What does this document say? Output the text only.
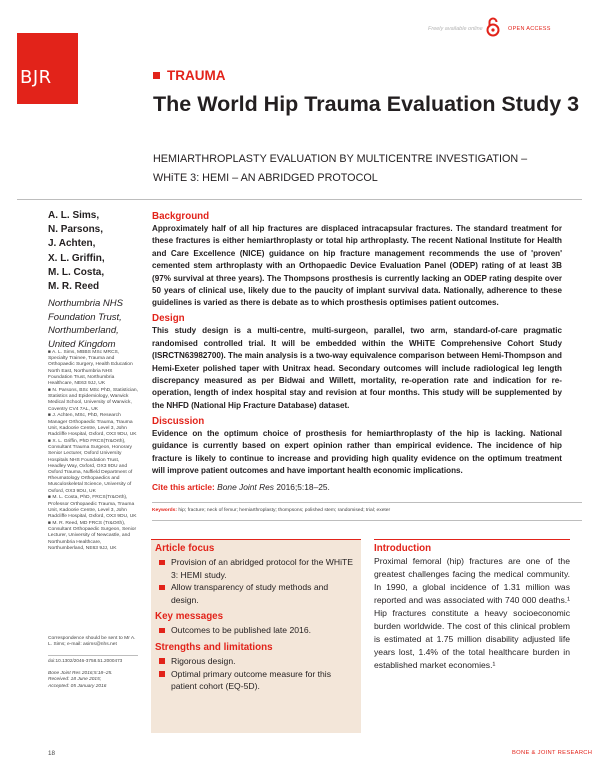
Freely available online	OPEN ACCESS
BJR	TRAUMA
The World Hip Trauma Evaluation Study 3
HEMIARTHROPLASTY EVALUATION BY MULTICENTRE INVESTIGATION – WHiTE 3: HEMI – AN ABRIDGED PROTOCOL
A. L. Sims,
N. Parsons,
J. Achten,
X. L. Griffin,
M. L. Costa,
M. R. Reed
Northumbria NHS Foundation Trust, Northumberland, United Kingdom

■ A. L. Sims, MBBS MSc MRCS, Specialty Trainee, Trauma and Orthopaedic Surgery, Health Education North East, Northumbria NHS Foundation Trust, Northumbria Healthcare, NE63 9JJ, UK

■ N. Parsons, BSc MSc PhD, Statistician, Statistics and Epidemiology, Warwick Medical School, University of Warwick, Coventry CV4 7AL, UK

■ J. Achten, MSc, PhD, Research Manager Orthopaedic Trauma, Trauma Unit, Kadoorie Centre, Level 3, John Radcliffe Hospital, Oxford, OX3 9DU, UK

■ X. L. Griffin, PhD FRCS(Tr&Orth), Consultant Trauma Surgeon, Honorary Senior Lecturer, Oxford University Hospitals NHS Foundation Trust, Headley Way, Oxford, OX3 9DU and Oxford Trauma, Nuffield Department of Rheumatology Orthopaedics and Musculoskeletal Science, University of Oxford, OX3 9DU, UK

■ M. L. Costa, PhD, FRCS(Tr&Orth), Professor Orthopaedic Trauma, Trauma Unit, Kadoorie Centre, Level 3, John Radcliffe Hospital, Oxford, OX3 9DU, UK

■ M. R. Reed, MD FRCS (Tr&Orth), Consultant Orthopaedic Surgeon, Senior Lecturer, University of Newcastle, and Northumbria Healthcare, Northumberland, NE63 9JJ, UK

Correspondence should be sent to Mr A. L. Sims; e-mail: asims@nhs.net
doi:10.1302/2046-3758.51.2000473
Bone Joint Res 2016;5:18–25.
Received: 18 June 2015;
Accepted: 05 January 2016
Background

Approximately half of all hip fractures are displaced intracapsular fractures. The standard treatment for these fractures is either hemiarthroplasty or total hip arthroplasty. The recent National Institute for Health and Care Excellence (NICE) guidance on hip fracture management recommends the use of 'proven' cemented stem arthroplasty with an Orthopaedic Device Evaluation Panel (ODEP) rating of at least 3B (97% survival at three years). The Thompsons prosthesis is currently lacking an ODEP rating despite over 50 years of clinical use, likely due to the paucity of implant survival data. Nationally, adherence to these guidelines is varied as there is debate as to which prosthesis optimises patient outcomes.

Design

This study design is a multi-centre, multi-surgeon, parallel, two arm, standard-of-care pragmatic randomised controlled trial. It will be embedded within the WHiTE Comprehensive Cohort Study (ISRCTN63982700). The main analysis is a two-way equivalence comparison between Hemi-Thompson and Hemi-Exeter polished taper with Unitrax head. Secondary outcomes will include radiological leg length discrepancy measured as per Bidwai and Willett, mortality, re-operation rate and indication for re-operation, length of index hospital stay and revision at four months. This study will be supplemented by the NHFD (National Hip Fracture Database) dataset.

Discussion

Evidence on the optimum choice of prosthesis for hemiarthroplasty of the hip is lacking. National guidance is currently based on expert opinion rather than empirical evidence. The incidence of hip fracture is likely to continue to increase and providing high quality evidence on the optimum treatment will improve patient outcomes and have important health economic implications.

Cite this article: Bone Joint Res 2016;5:18–25.
Keywords: hip; fracture; neck of femur; hemiarthroplasty; thompsons; polished stem; randomised; trial; exeter
Article focus
Provision of an abridged protocol for the WHiTE 3: HEMI study.
Allow transparency of study methods and design.
Key messages
Outcomes to be published late 2016.
Strengths and limitations
Rigorous design.
Optimal primary outcome measure for this patient cohort (EQ-5D).
Introduction

Proximal femoral (hip) fractures are one of the greatest challenges facing the medical community. In 1990, a global incidence of 1.31 million was reported and was associated with 740 000 deaths.¹ Hip fractures constitute a heavy socioeconomic burden worldwide. The cost of this clinical problem is estimated at 1.75 million disability adjusted life years lost, 1.4% of the total healthcare burden in established market economies.¹

18	BONE & JOINT RESEARCH
